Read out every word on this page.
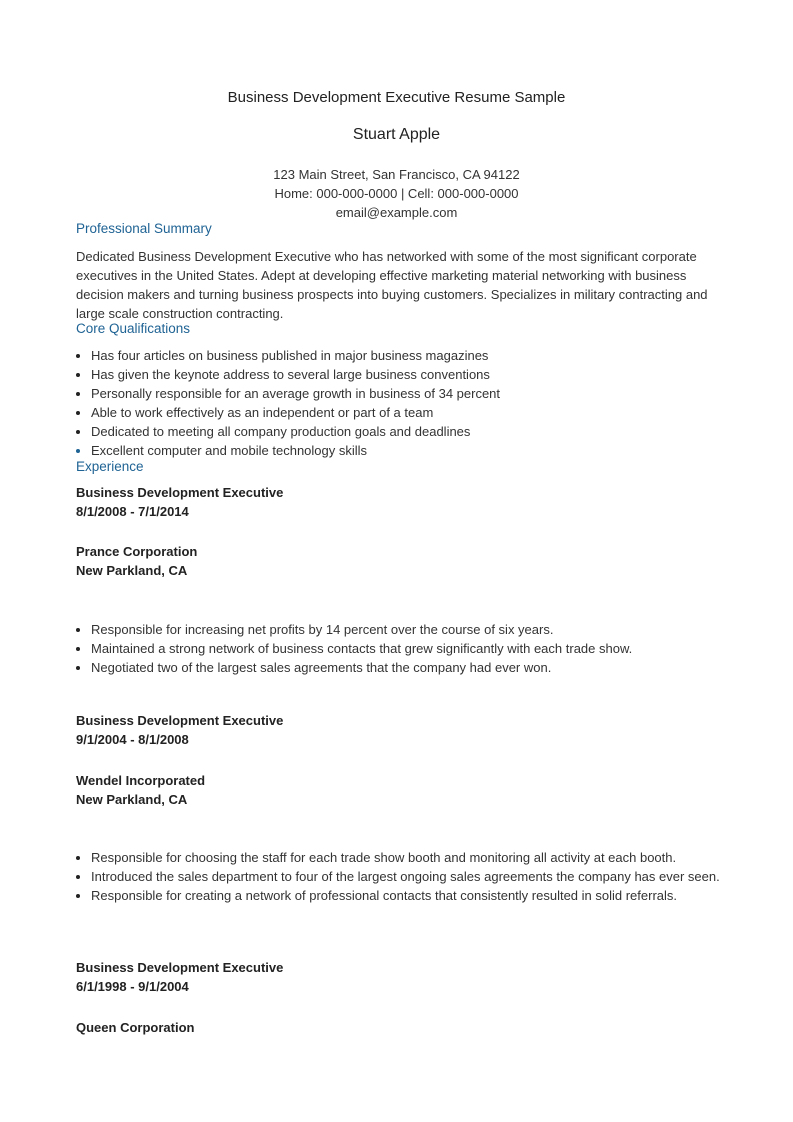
Business Development Executive Resume Sample
Stuart Apple
123 Main Street, San Francisco, CA 94122
Home: 000-000-0000 | Cell: 000-000-0000
email@example.com
Professional Summary
Dedicated Business Development Executive who has networked with some of the most significant corporate executives in the United States. Adept at developing effective marketing material networking with business decision makers and turning business prospects into buying customers. Specializes in military contracting and large scale construction contracting.
Core Qualifications
Has four articles on business published in major business magazines
Has given the keynote address to several large business conventions
Personally responsible for an average growth in business of 34 percent
Able to work effectively as an independent or part of a team
Dedicated to meeting all company production goals and deadlines
Excellent computer and mobile technology skills
Experience
Business Development Executive
8/1/2008 - 7/1/2014
Prance Corporation
New Parkland, CA
Responsible for increasing net profits by 14 percent over the course of six years.
Maintained a strong network of business contacts that grew significantly with each trade show.
Negotiated two of the largest sales agreements that the company had ever won.
Business Development Executive
9/1/2004 - 8/1/2008
Wendel Incorporated
New Parkland, CA
Responsible for choosing the staff for each trade show booth and monitoring all activity at each booth.
Introduced the sales department to four of the largest ongoing sales agreements the company has ever seen.
Responsible for creating a network of professional contacts that consistently resulted in solid referrals.
Business Development Executive
6/1/1998 - 9/1/2004
Queen Corporation
